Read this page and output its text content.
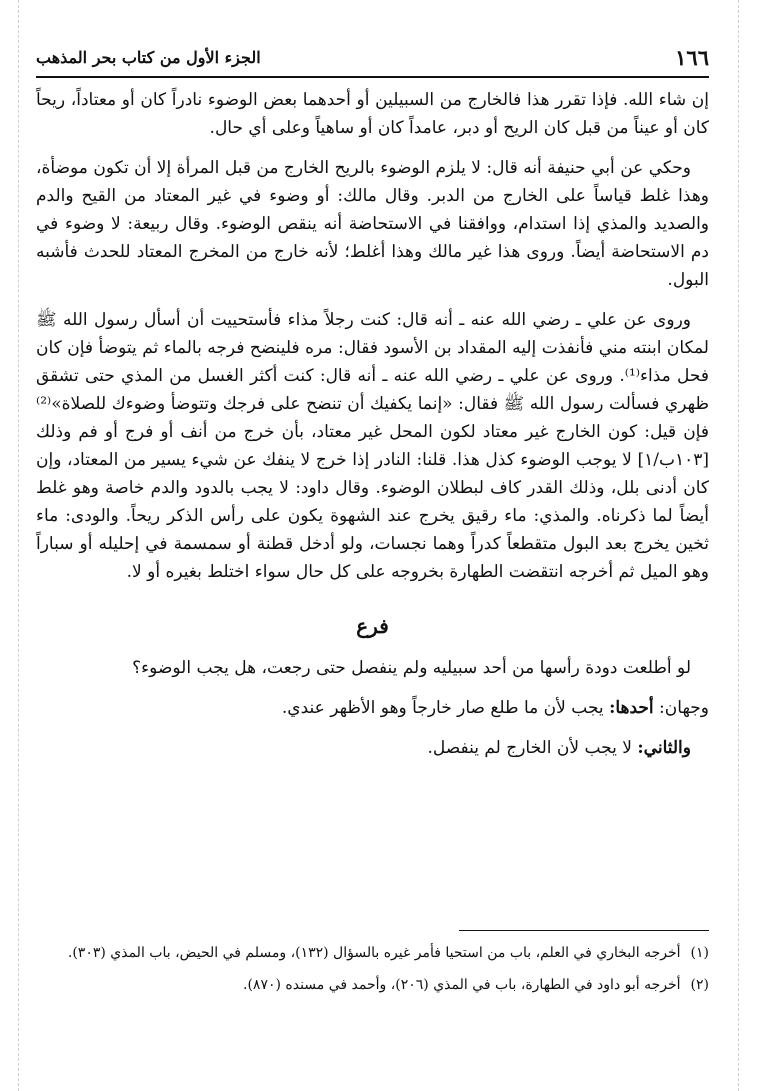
١٦٦
الجزء الأول من كتاب بحر المذهب

إن شاء الله. فإذا تقرر هذا فالخارج من السبيلين أو أحدهما بعض الوضوء نادراً كان أو معتاداً، ريحاً كان أو عيناً من قبل كان الريح أو دبر، عامداً كان أو ساهياً وعلى أي حال.

وحكي عن أبي حنيفة أنه قال: لا يلزم الوضوء بالريح الخارج من قبل المرأة إلا أن تكون موضأة، وهذا غلط قياساً على الخارج من الدبر. وقال مالك: أو وضوء في غير المعتاد من القيح والدم والصديد والمذي إذا استدام، ووافقنا في الاستحاضة أنه ينقص الوضوء. وقال ربيعة: لا وضوء في دم الاستحاضة أيضاً. وروى هذا غير مالك وهذا أغلط؛ لأنه خارج من المخرج المعتاد للحدث فأشبه البول.

وروى عن علي ـ رضي الله عنه ـ أنه قال: كنت رجلاً مذاء فأستحييت أن أسأل رسول الله ﷺ لمكان ابنته مني فأنفذت إليه المقداد بن الأسود فقال: مره فلينضح فرجه بالماء ثم يتوضأ فإن كان فحل مذاء⁽¹⁾. وروى عن علي ـ رضي الله عنه ـ أنه قال: كنت أكثر الغسل من المذي حتى تشقق ظهري فسألت رسول الله ﷺ فقال: «إنما يكفيك أن تنضح على فرجك وتتوضأ وضوءك للصلاة»⁽²⁾ فإن قيل: كون الخارج غير معتاد لكون المحل غير معتاد، بأن خرج من أنف أو فرج أو فم وذلك [١٠٣ب/١] لا يوجب الوضوء كذل هذا. قلنا: النادر إذا خرج لا ينفك عن شيء يسير من المعتاد، وإن كان أدنى بلل، وذلك القدر كاف لبطلان الوضوء. وقال داود: لا يجب بالدود والدم خاصة وهو غلط أيضاً لما ذكرناه. والمذي: ماء رقيق يخرج عند الشهوة يكون على رأس الذكر ريحاً. والودى: ماء ثخين يخرج بعد البول متقطعاً كدراً وهما نجسات، ولو أدخل قطنة أو سمسمة في إحليله أو سباراً وهو الميل ثم أخرجه انتقضت الطهارة بخروجه على كل حال سواء اختلط بغيره أو لا.

فرع

لو أطلعت دودة رأسها من أحد سبيليه ولم ينفصل حتى رجعت، هل يجب الوضوء؟

وجهان: أحدها: يجب لأن ما طلع صار خارجاً وهو الأظهر عندي.

والثاني: لا يجب لأن الخارج لم ينفصل.

(١)
أخرجه البخاري في العلم، باب من استحيا فأمر غيره بالسؤال (١٣٢)، ومسلم في الحيض، باب المذي (٣٠٣).
(٢)
أخرجه أبو داود في الطهارة، باب في المذي (٢٠٦)، وأحمد في مسنده (٨٧٠).
